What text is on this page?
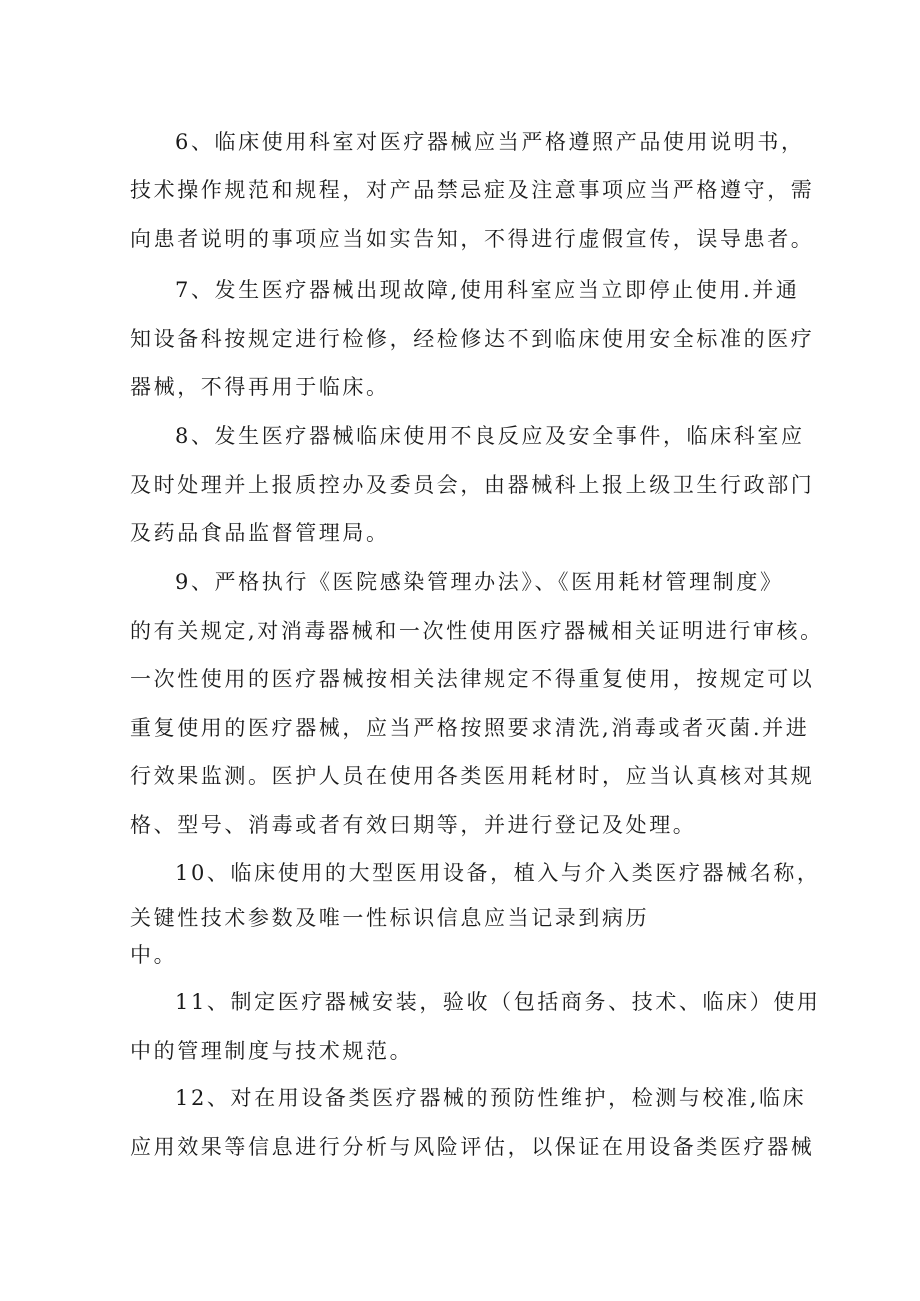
6、临床使用科室对医疗器械应当严格遵照产品使用说明书，
技术操作规范和规程，对产品禁忌症及注意事项应当严格遵守，需
向患者说明的事项应当如实告知，不得进行虚假宣传，误导患者。
7、发生医疗器械出现故障,使用科室应当立即停止使用.并通
知设备科按规定进行检修，经检修达不到临床使用安全标准的医疗
器械，不得再用于临床。
8、发生医疗器械临床使用不良反应及安全事件，临床科室应
及时处理并上报质控办及委员会，由器械科上报上级卫生行政部门
及药品食品监督管理局。
9、严格执行《医院感染管理办法》、《医用耗材管理制度》
的有关规定,对消毒器械和一次性使用医疗器械相关证明进行审核。
一次性使用的医疗器械按相关法律规定不得重复使用，按规定可以
重复使用的医疗器械，应当严格按照要求清洗,消毒或者灭菌.并进
行效果监测。医护人员在使用各类医用耗材时，应当认真核对其规
格、型号、消毒或者有效曰期等，并进行登记及处理。
10、临床使用的大型医用设备，植入与介入类医疗器械名称，
关键性技术参数及唯一性标识信息应当记录到病历
中。
11、制定医疗器械安装，验收（包括商务、技术、临床）使用
中的管理制度与技术规范。
12、对在用设备类医疗器械的预防性维护，检测与校准,临床
应用效果等信息进行分析与风险评估，以保证在用设备类医疗器械
